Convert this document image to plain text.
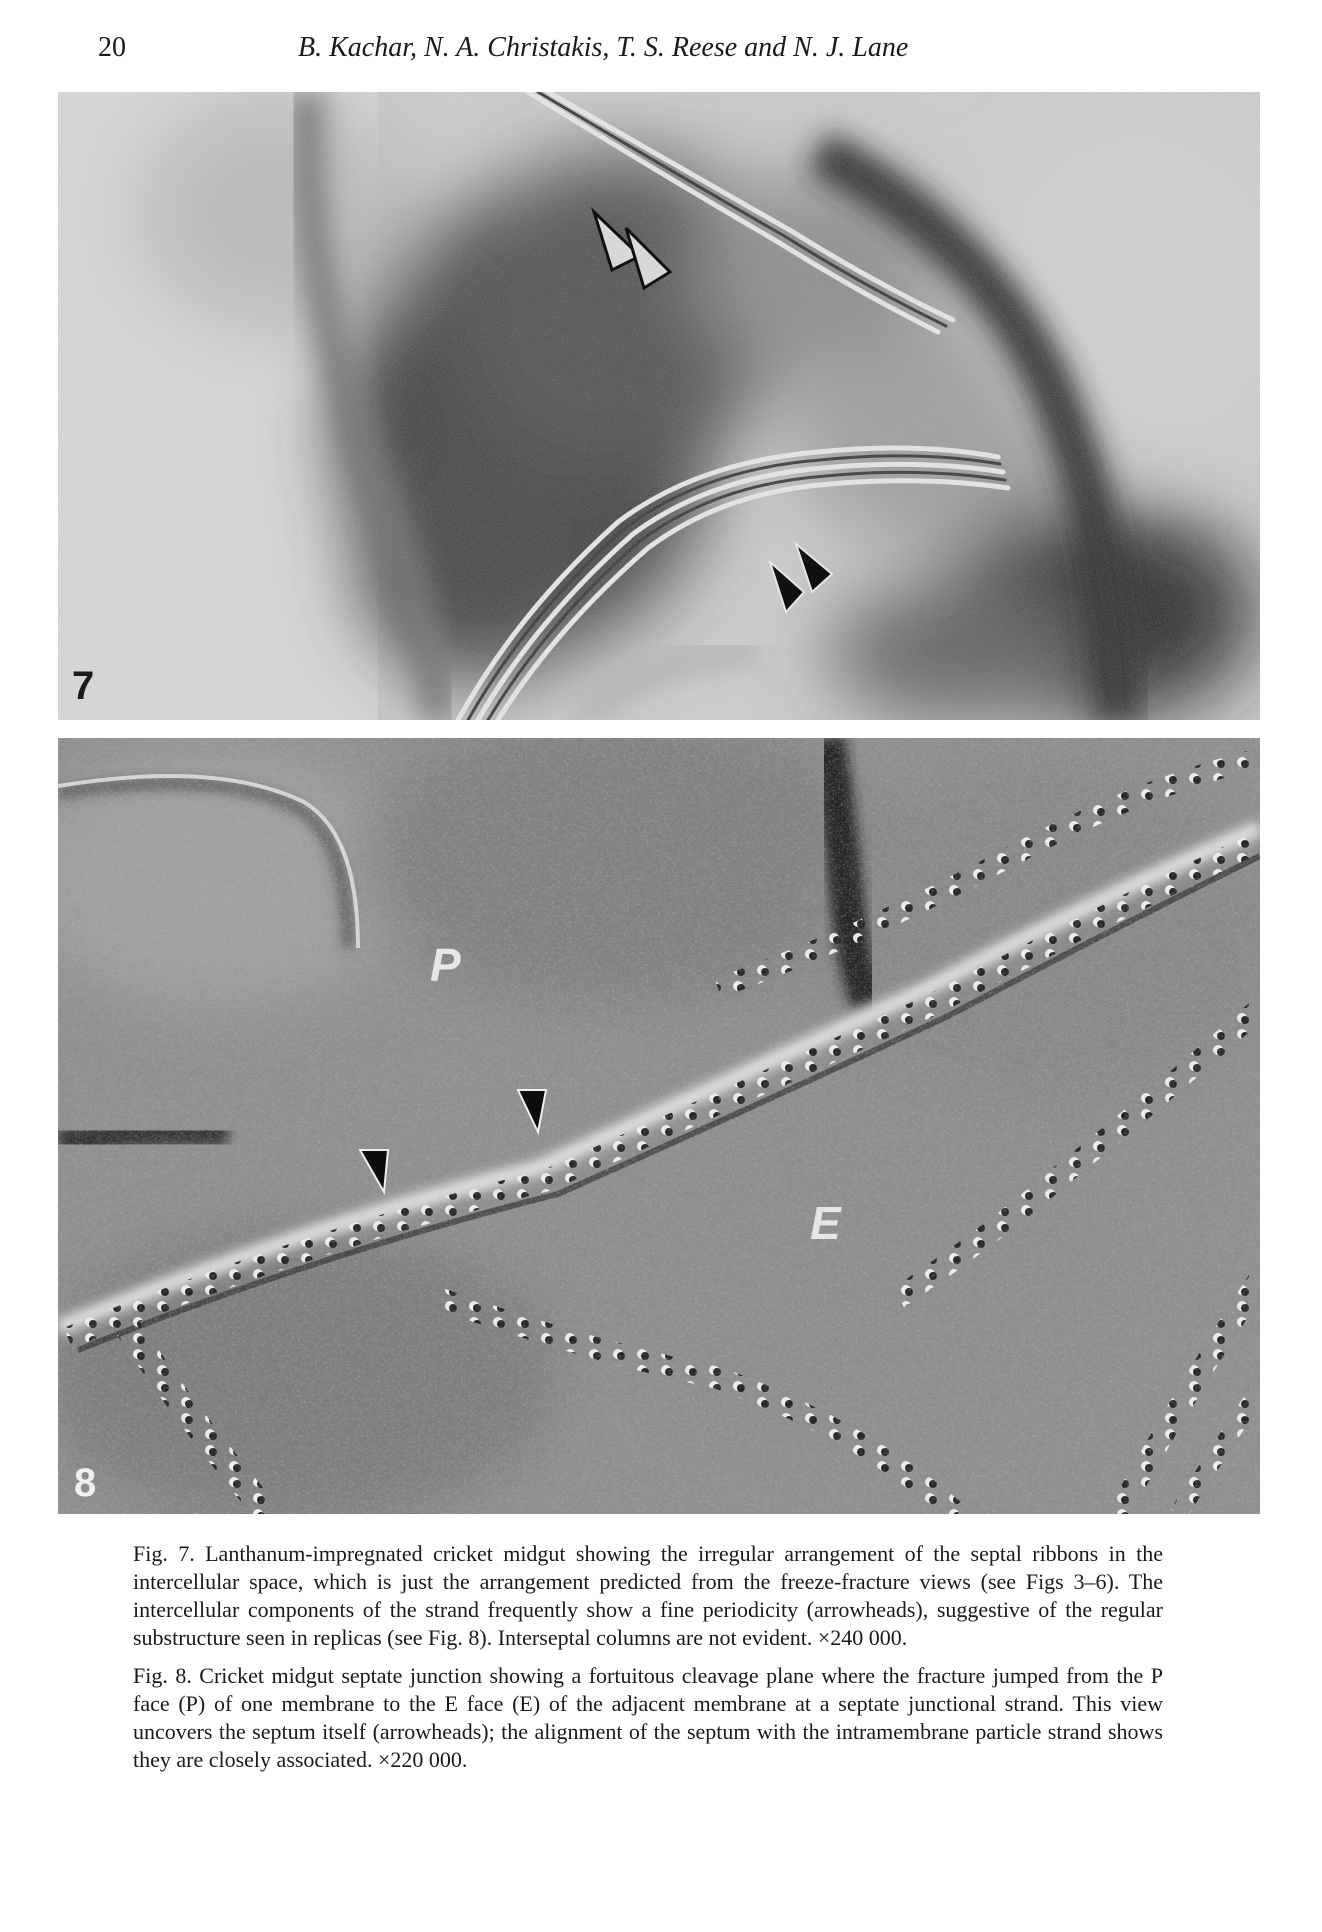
20	B. Kachar, N. A. Christakis, T. S. Reese and N. J. Lane
7
P
E
8

Fig. 7. Lanthanum-impregnated cricket midgut showing the irregular arrangement of the septal ribbons in the intercellular space, which is just the arrangement predicted from the freeze-fracture views (see Figs 3–6). The intercellular components of the strand frequently show a fine periodicity (arrowheads), suggestive of the regular substructure seen in replicas (see Fig. 8). Interseptal columns are not evident. ×240 000.

Fig. 8. Cricket midgut septate junction showing a fortuitous cleavage plane where the fracture jumped from the P face (P) of one membrane to the E face (E) of the adjacent membrane at a septate junctional strand. This view uncovers the septum itself (arrowheads); the alignment of the septum with the intramembrane particle strand shows they are closely associated. ×220 000.
